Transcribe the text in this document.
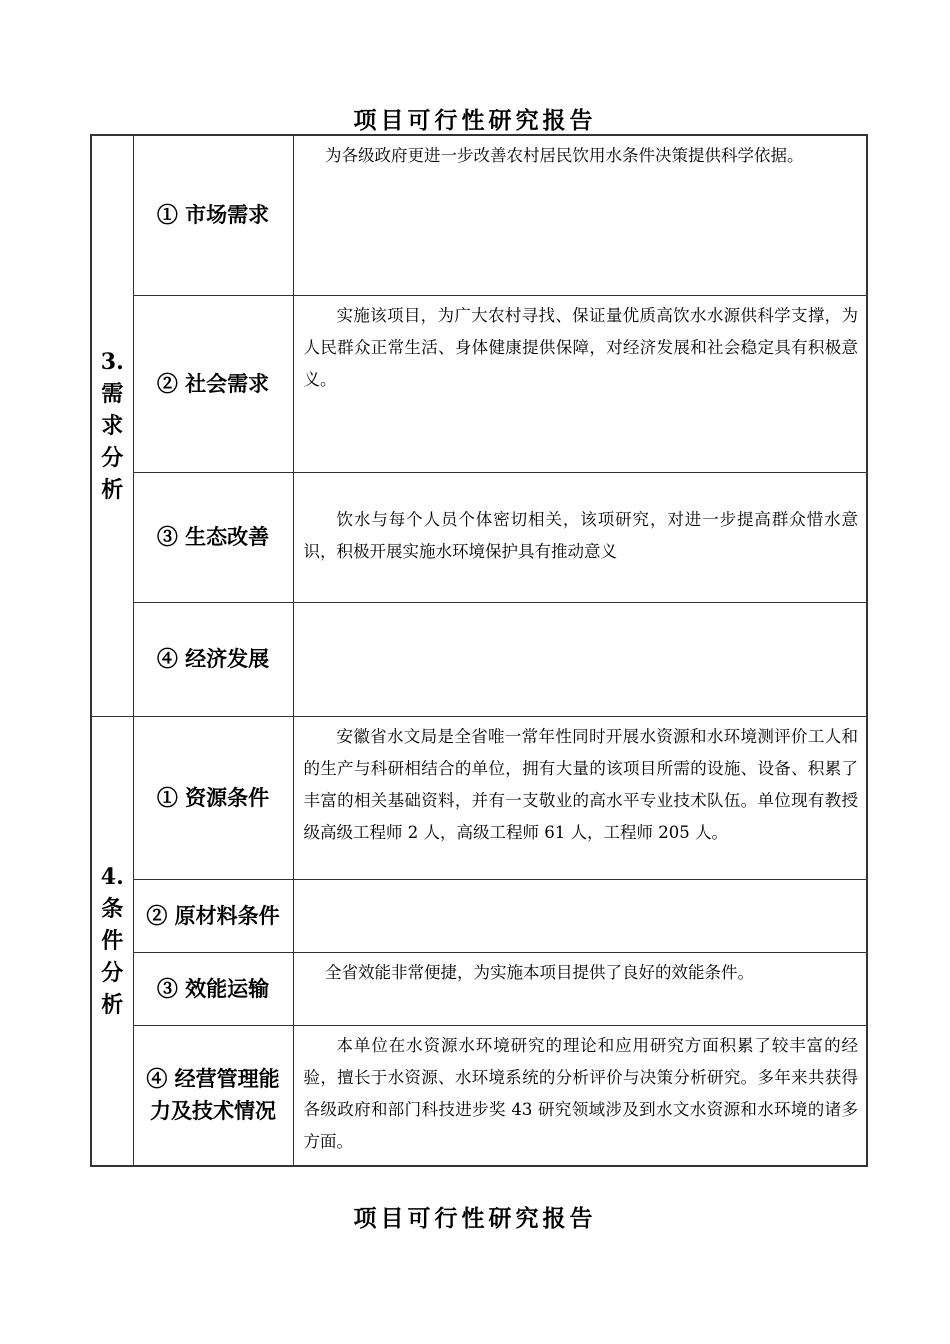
项目可行性研究报告
3.
需
求
分
析	① 市场需求	为各级政府更进一步改善农村居民饮用水条件决策提供科学依据。

	② 社会需求	实施该项目，为广大农村寻找、保证量优质高饮水水源供科学支撑，为人民群众正常生活、身体健康提供保障，对经济发展和社会稳定具有积极意义。

	③ 生态改善	饮水与每个人员个体密切相关，该项研究，对进一步提高群众惜水意识，积极开展实施水环境保护具有推动意义

	④ 经济发展	

4.
条
件
分
析	① 资源条件	安徽省水文局是全省唯一常年性同时开展水资源和水环境测评价工人和的生产与科研相结合的单位，拥有大量的该项目所需的设施、设备、积累了丰富的相关基础资料，并有一支敬业的高水平专业技术队伍。单位现有教授级高级工程师 2 人，高级工程师 61 人，工程师 205 人。

	② 原材料条件	

	③ 效能运输	全省效能非常便捷，为实施本项目提供了良好的效能条件。

	④ 经营管理能力及技术情况	本单位在水资源水环境研究的理论和应用研究方面积累了较丰富的经验，擅长于水资源、水环境系统的分析评价与决策分析研究。多年来共获得各级政府和部门科技进步奖 43 研究领域涉及到水文水资源和水环境的诸多方面。

项目可行性研究报告
